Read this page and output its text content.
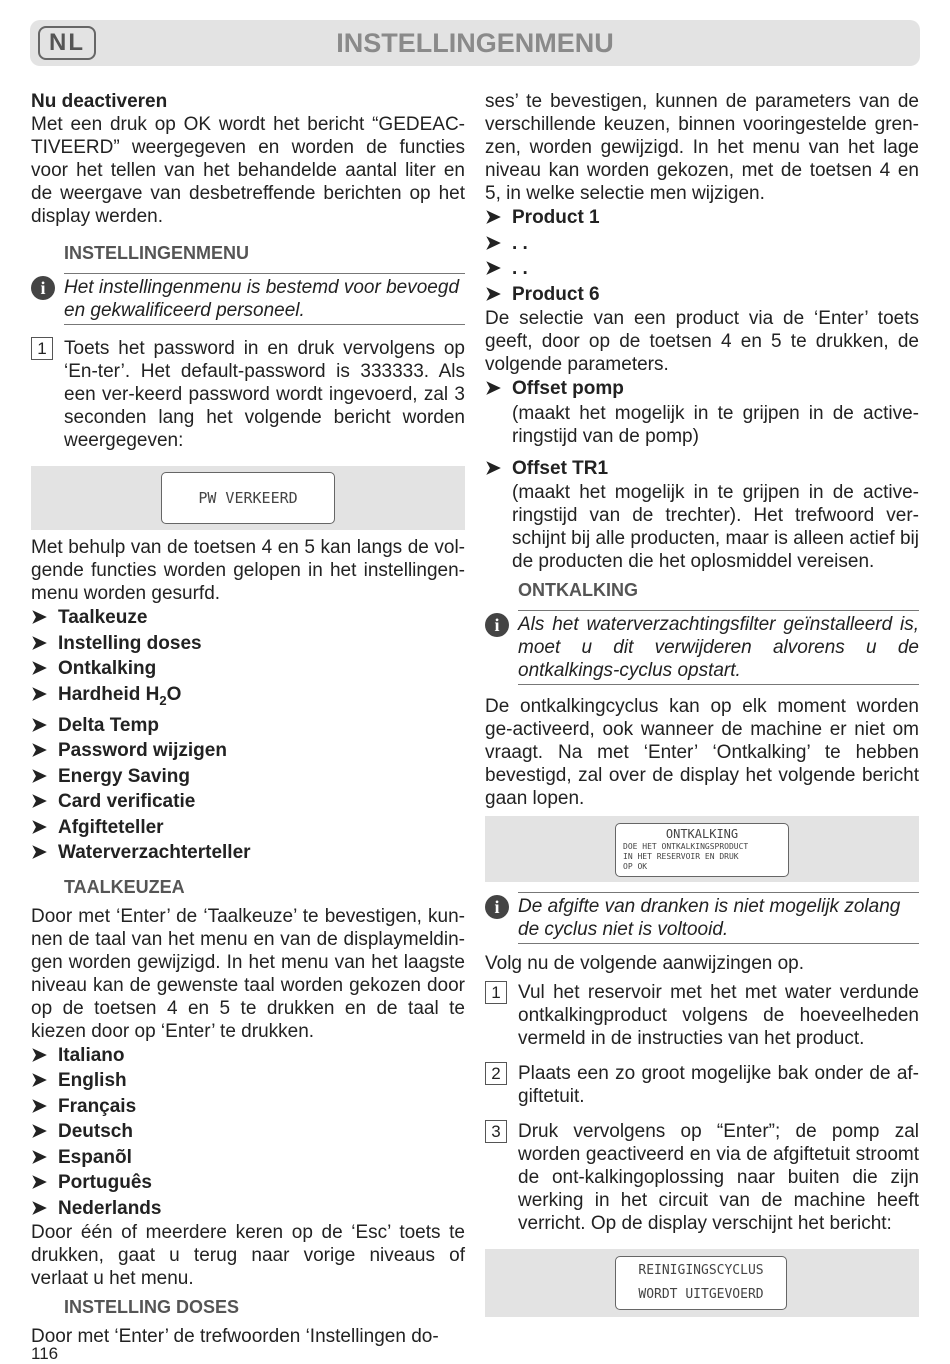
NL	INSTELLINGENMENU

Nu deactiveren

Met een druk op OK wordt het bericht “GEDEAC-TIVEERD” weergegeven en worden de functies voor het tellen van het behandelde aantal liter en de weergave van desbetreffende berichten op het display werden.

INSTELLINGENMENU

i Het instellingenmenu is bestemd voor bevoegd en gekwalificeerd personeel.

1 Toets het password in en druk vervolgens op ‘En-ter’. Het default-password is 333333. Als een ver-keerd password wordt ingevoerd, zal 3 seconden lang het volgende bericht worden weergegeven:

PW VERKEERD

Met behulp van de toetsen 4 en 5 kan langs de vol-gende functies worden gelopen in het instellingen-menu worden gesurfd.

➤ Taalkeuze
➤ Instelling doses
➤ Ontkalking
➤ Hardheid $H_2O$
➤ Delta Temp
➤ Password wijzigen
➤ Energy Saving
➤ Card verificatie
➤ Afgifteteller
➤ Waterverzachterteller

TAALKEUZEA

Door met ‘Enter’ de ‘Taalkeuze’ te bevestigen, kun-nen de taal van het menu en van de displaymeldin-gen worden gewijzigd. In het menu van het laagste niveau kan de gewenste taal worden gekozen door op de toetsen 4 en 5 te drukken en de taal te kiezen door op ‘Enter’ te drukken.

➤ Italiano
➤ English
➤ Français
➤ Deutsch
➤ Espanõl
➤ Português
➤ Nederlands

Door één of meerdere keren op de ‘Esc’ toets te drukken, gaat u terug naar vorige niveaus of verlaat u het menu.

INSTELLING DOSES

Door met ‘Enter’ de trefwoorden ‘Instellingen do-

ses’ te bevestigen, kunnen de parameters van de verschillende keuzen, binnen vooringestelde gren-zen, worden gewijzigd. In het menu van het lage niveau kan worden gekozen, met de toetsen 4 en 5, in welke selectie men wijzigen.

➤ Product 1
➤ . .
➤ . .
➤ Product 6

De selectie van een product via de ‘Enter’ toets geeft, door op de toetsen 4 en 5 te drukken, de volgende parameters.

➤ Offset pomp

(maakt het mogelijk in te grijpen in de active-ringstijd van de pomp)

➤ Offset TR1

(maakt het mogelijk in te grijpen in de active-ringstijd van de trechter). Het trefwoord ver-schijnt bij alle producten, maar is alleen actief bij de producten die het oplosmiddel vereisen.

ONTKALKING

i Als het waterverzachtingsfilter geïnstalleerd is, moet u dit verwijderen alvorens u de ontkalkings-cyclus opstart.

De ontkalkingcyclus kan op elk moment worden ge-activeerd, ook wanneer de machine er niet om vraagt. Na met ‘Enter’ ‘Ontkalking’ te hebben bevestigd, zal over de display het volgende bericht gaan lopen.

ONTKALKING
DOE HET ONTKALKINGSPRODUCT
IN HET RESERVOIR EN DRUK
OP OK
i De afgifte van dranken is niet mogelijk zolang de cyclus niet is voltooid.

Volg nu de volgende aanwijzingen op.

1 Vul het reservoir met het met water verdunde ontkalkingproduct volgens de hoeveelheden vermeld in de instructies van het product.

2 Plaats een zo groot mogelijke bak onder de af-giftetuit.

3 Druk vervolgens op “Enter”; de pomp zal worden geactiveerd en via de afgiftetuit stroomt de ont-kalkingoplossing naar buiten die zijn werking in het circuit van de machine heeft verricht. Op de display verschijnt het bericht:

REINIGINGSCYCLUS
WORDT UITGEVOERD
116
